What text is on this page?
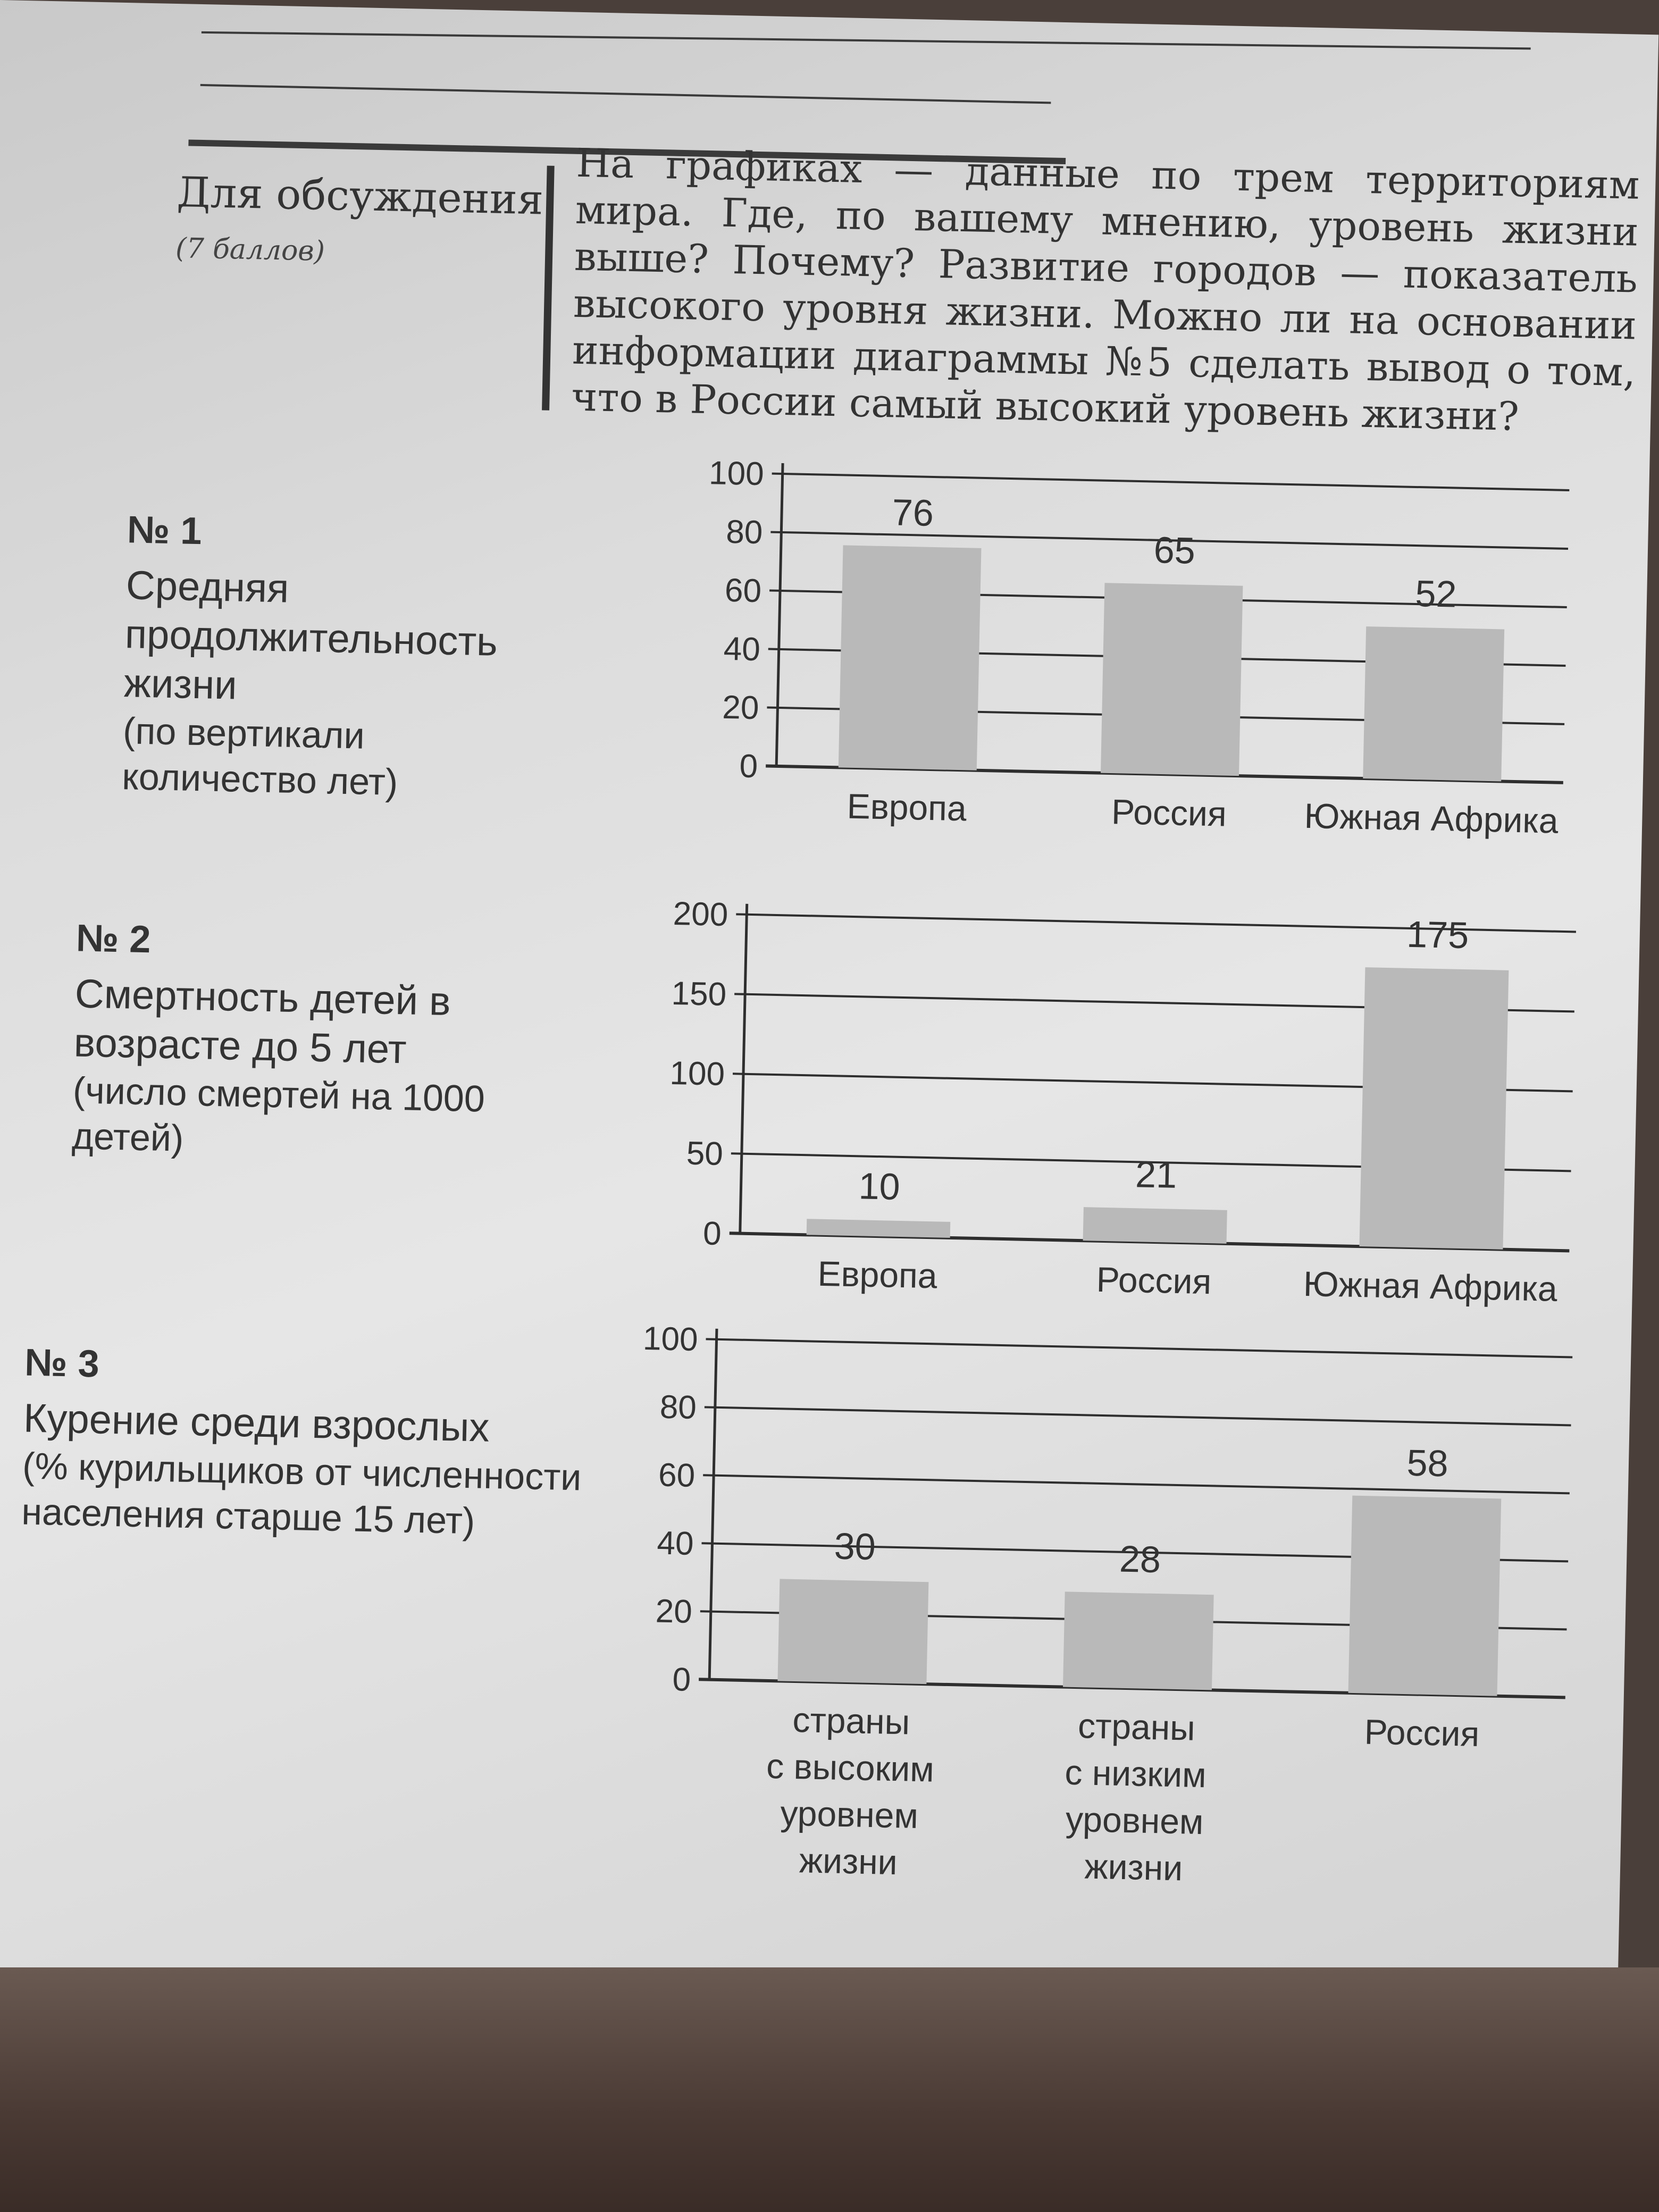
Для обсуждения
(7 баллов)
На графиках — данные по трем территориям мира. Где, по вашему мнению, уровень жизни выше? Почему? Развитие городов — показатель высокого уровня жизни. Можно ли на основании информации диаграммы №5 сделать вывод о том, что в России самый высокий уровень жизни?
№ 1
Средняя продолжительность жизни
(по вертикали количество лет)
№ 2
Смертность детей в возрасте до 5 лет
(число смертей на 1000 детей)
№ 3
Курение среди взрослых
(% курильщиков от численности населения старше 15 лет)
0
20
40
60
80
100
76
Европа
65
Россия
52
Южная Африка
0
50
100
150
200
10
Европа
21
Россия
175
Южная Африка
0
20
40
60
80
100
30
страныс высокимуровнемжизни
28
страныс низкимуровнемжизни
58
Россия
